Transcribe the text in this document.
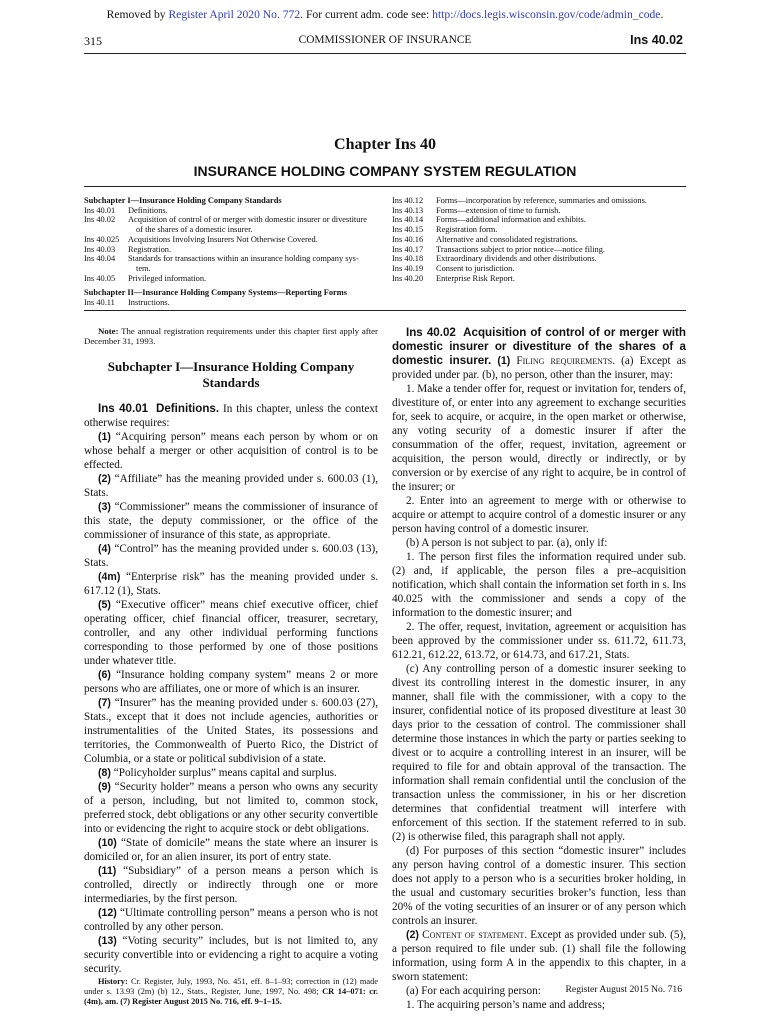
Removed by Register April 2020 No. 772. For current adm. code see: http://docs.legis.wisconsin.gov/code/admin_code.
315	COMMISSIONER OF INSURANCE	Ins 40.02
Chapter Ins 40
INSURANCE HOLDING COMPANY SYSTEM REGULATION
Subchapter I—Insurance Holding Company Standards
Ins 40.01	Definitions.
Ins 40.02	Acquisition of control of or merger with domestic insurer or divestiture
of the shares of a domestic insurer.
Ins 40.025	Acquisitions Involving Insurers Not Otherwise Covered.
Ins 40.03	Registration.
Ins 40.04	Standards for transactions within an insurance holding company sys-
tem.
Ins 40.05	Privileged information.
Subchapter II—Insurance Holding Company Systems—Reporting Forms
Ins 40.11	Instructions.
Ins 40.12	Forms—incorporation by reference, summaries and omissions.
Ins 40.13	Forms—extension of time to furnish.
Ins 40.14	Forms—additional information and exhibits.
Ins 40.15	Registration form.
Ins 40.16	Alternative and consolidated registrations.
Ins 40.17	Transactions subject to prior notice—notice filing.
Ins 40.18	Extraordinary dividends and other distributions.
Ins 40.19	Consent to jurisdiction.
Ins 40.20	Enterprise Risk Report.

Note: The annual registration requirements under this chapter first apply after December 31, 1993.

Subchapter I—Insurance Holding Company Standards

Ins 40.01 Definitions. In this chapter, unless the context otherwise requires:

(1) “Acquiring person” means each person by whom or on whose behalf a merger or other acquisition of control is to be effected.

(2) “Affiliate” has the meaning provided under s. 600.03 (1), Stats.

(3) “Commissioner” means the commissioner of insurance of this state, the deputy commissioner, or the office of the commissioner of insurance of this state, as appropriate.

(4) “Control” has the meaning provided under s. 600.03 (13), Stats.

(4m) “Enterprise risk” has the meaning provided under s. 617.12 (1), Stats.

(5) “Executive officer” means chief executive officer, chief operating officer, chief financial officer, treasurer, secretary, controller, and any other individual performing functions corresponding to those performed by one of those positions under whatever title.

(6) “Insurance holding company system” means 2 or more persons who are affiliates, one or more of which is an insurer.

(7) “Insurer” has the meaning provided under s. 600.03 (27), Stats., except that it does not include agencies, authorities or instrumentalities of the United States, its possessions and territories, the Commonwealth of Puerto Rico, the District of Columbia, or a state or political subdivision of a state.

(8) “Policyholder surplus” means capital and surplus.

(9) “Security holder” means a person who owns any security of a person, including, but not limited to, common stock, preferred stock, debt obligations or any other security convertible into or evidencing the right to acquire stock or debt obligations.

(10) “State of domicile” means the state where an insurer is domiciled or, for an alien insurer, its port of entry state.

(11) “Subsidiary” of a person means a person which is controlled, directly or indirectly through one or more intermediaries, by the first person.

(12) “Ultimate controlling person” means a person who is not controlled by any other person.

(13) “Voting security” includes, but is not limited to, any security convertible into or evidencing a right to acquire a voting security.

History: Cr. Register, July, 1993, No. 451, eff. 8–1–93; correction in (12) made under s. 13.93 (2m) (b) 12., Stats., Register, June, 1997, No. 498; CR 14–071: cr. (4m), am. (7) Register August 2015 No. 716, eff. 9–1–15.

Ins 40.02 Acquisition of control of or merger with domestic insurer or divestiture of the shares of a domestic insurer. (1) Filing requirements. (a) Except as provided under par. (b), no person, other than the insurer, may:

1. Make a tender offer for, request or invitation for, tenders of, divestiture of, or enter into any agreement to exchange securities for, seek to acquire, or acquire, in the open market or otherwise, any voting security of a domestic insurer if after the consummation of the offer, request, invitation, agreement or acquisition, the person would, directly or indirectly, or by conversion or by exercise of any right to acquire, be in control of the insurer; or

2. Enter into an agreement to merge with or otherwise to acquire or attempt to acquire control of a domestic insurer or any person having control of a domestic insurer.

(b) A person is not subject to par. (a), only if:

1. The person first files the information required under sub. (2) and, if applicable, the person files a pre–acquisition notification, which shall contain the information set forth in s. Ins 40.025 with the commissioner and sends a copy of the information to the domestic insurer; and

2. The offer, request, invitation, agreement or acquisition has been approved by the commissioner under ss. 611.72, 611.73, 612.21, 612.22, 613.72, or 614.73, and 617.21, Stats.

(c) Any controlling person of a domestic insurer seeking to divest its controlling interest in the domestic insurer, in any manner, shall file with the commissioner, with a copy to the insurer, confidential notice of its proposed divestiture at least 30 days prior to the cessation of control. The commissioner shall determine those instances in which the party or parties seeking to divest or to acquire a controlling interest in an insurer, will be required to file for and obtain approval of the transaction. The information shall remain confidential until the conclusion of the transaction unless the commissioner, in his or her discretion determines that confidential treatment will interfere with enforcement of this section. If the statement referred to in sub. (2) is otherwise filed, this paragraph shall not apply.

(d) For purposes of this section “domestic insurer” includes any person having control of a domestic insurer. This section does not apply to a person who is a securities broker holding, in the usual and customary securities broker’s function, less than 20% of the voting securities of an insurer or of any person which controls an insurer.

(2) Content of statement. Except as provided under sub. (5), a person required to file under sub. (1) shall file the following information, using form A in the appendix to this chapter, in a sworn statement:

(a) For each acquiring person:

1. The acquiring person’s name and address;

Register August 2015 No. 716
